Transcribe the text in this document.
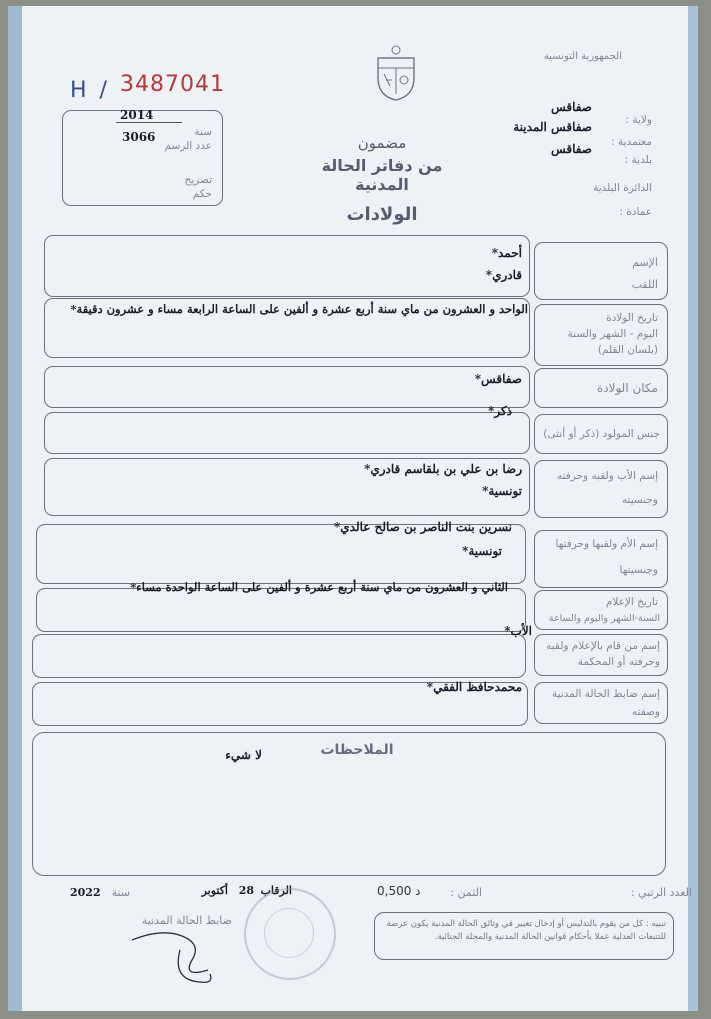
H / 3487041
2014
3066	سنة
عدد الرسم
تصريح
حكم
الجمهورية التونسية
ولاية :
صفاقس
معتمدية :
صفاقس المدينة
بلدية :
صفاقس
الدائرة البلدية
عمادة :
مضمون
من دفاتر الحالة المدنية
الولادات
الإسم
اللقب
أحمد*
قادري*
تاريخ الولادة
اليوم - الشهر والسنة
(بلسان القلم)
الواحد و العشرون من ماي سنة أربع عشرة و ألفين على الساعة الرابعة مساء و عشرون دقيقة*
مكان الولادة
صفاقس*
جنس المولود (ذكر أو أنثى)
ذكر*
إسم الأب ولقبه وحرفته
وجنسيته
رضا بن علي بن بلقاسم قادري*
تونسية*
إسم الأم ولقبها وحرفتها
وجنسيتها
نسرين بنت الناصر بن صالح عالدي*
تونسية*
تاريخ الإعلام
السنة-الشهر واليوم والساعة
الثاني و العشرون من ماي سنة أربع عشرة و ألفين على الساعة الواحدة مساء*
إسم من قام بالإعلام ولقبه
وحرفته أو المحكمة
الأب*
إسم ضابط الحالة المدنية
وصفته
محمدحافظ الفقي*
الملاحظات
لا شيء
العدد الرتبي :
الثمن :
0,500 د
الرقاب
28
أكتوبر
سنة
2022
ضابط الحالة المدنية	تنبيه : كل من يقوم بالتدليس أو إدخال تغيير في وثائق الحالة المدنية يكون عرضة للتتبعات العدلية عملا بأحكام قوانين الحالة المدنية والمجلة الجنائية.
